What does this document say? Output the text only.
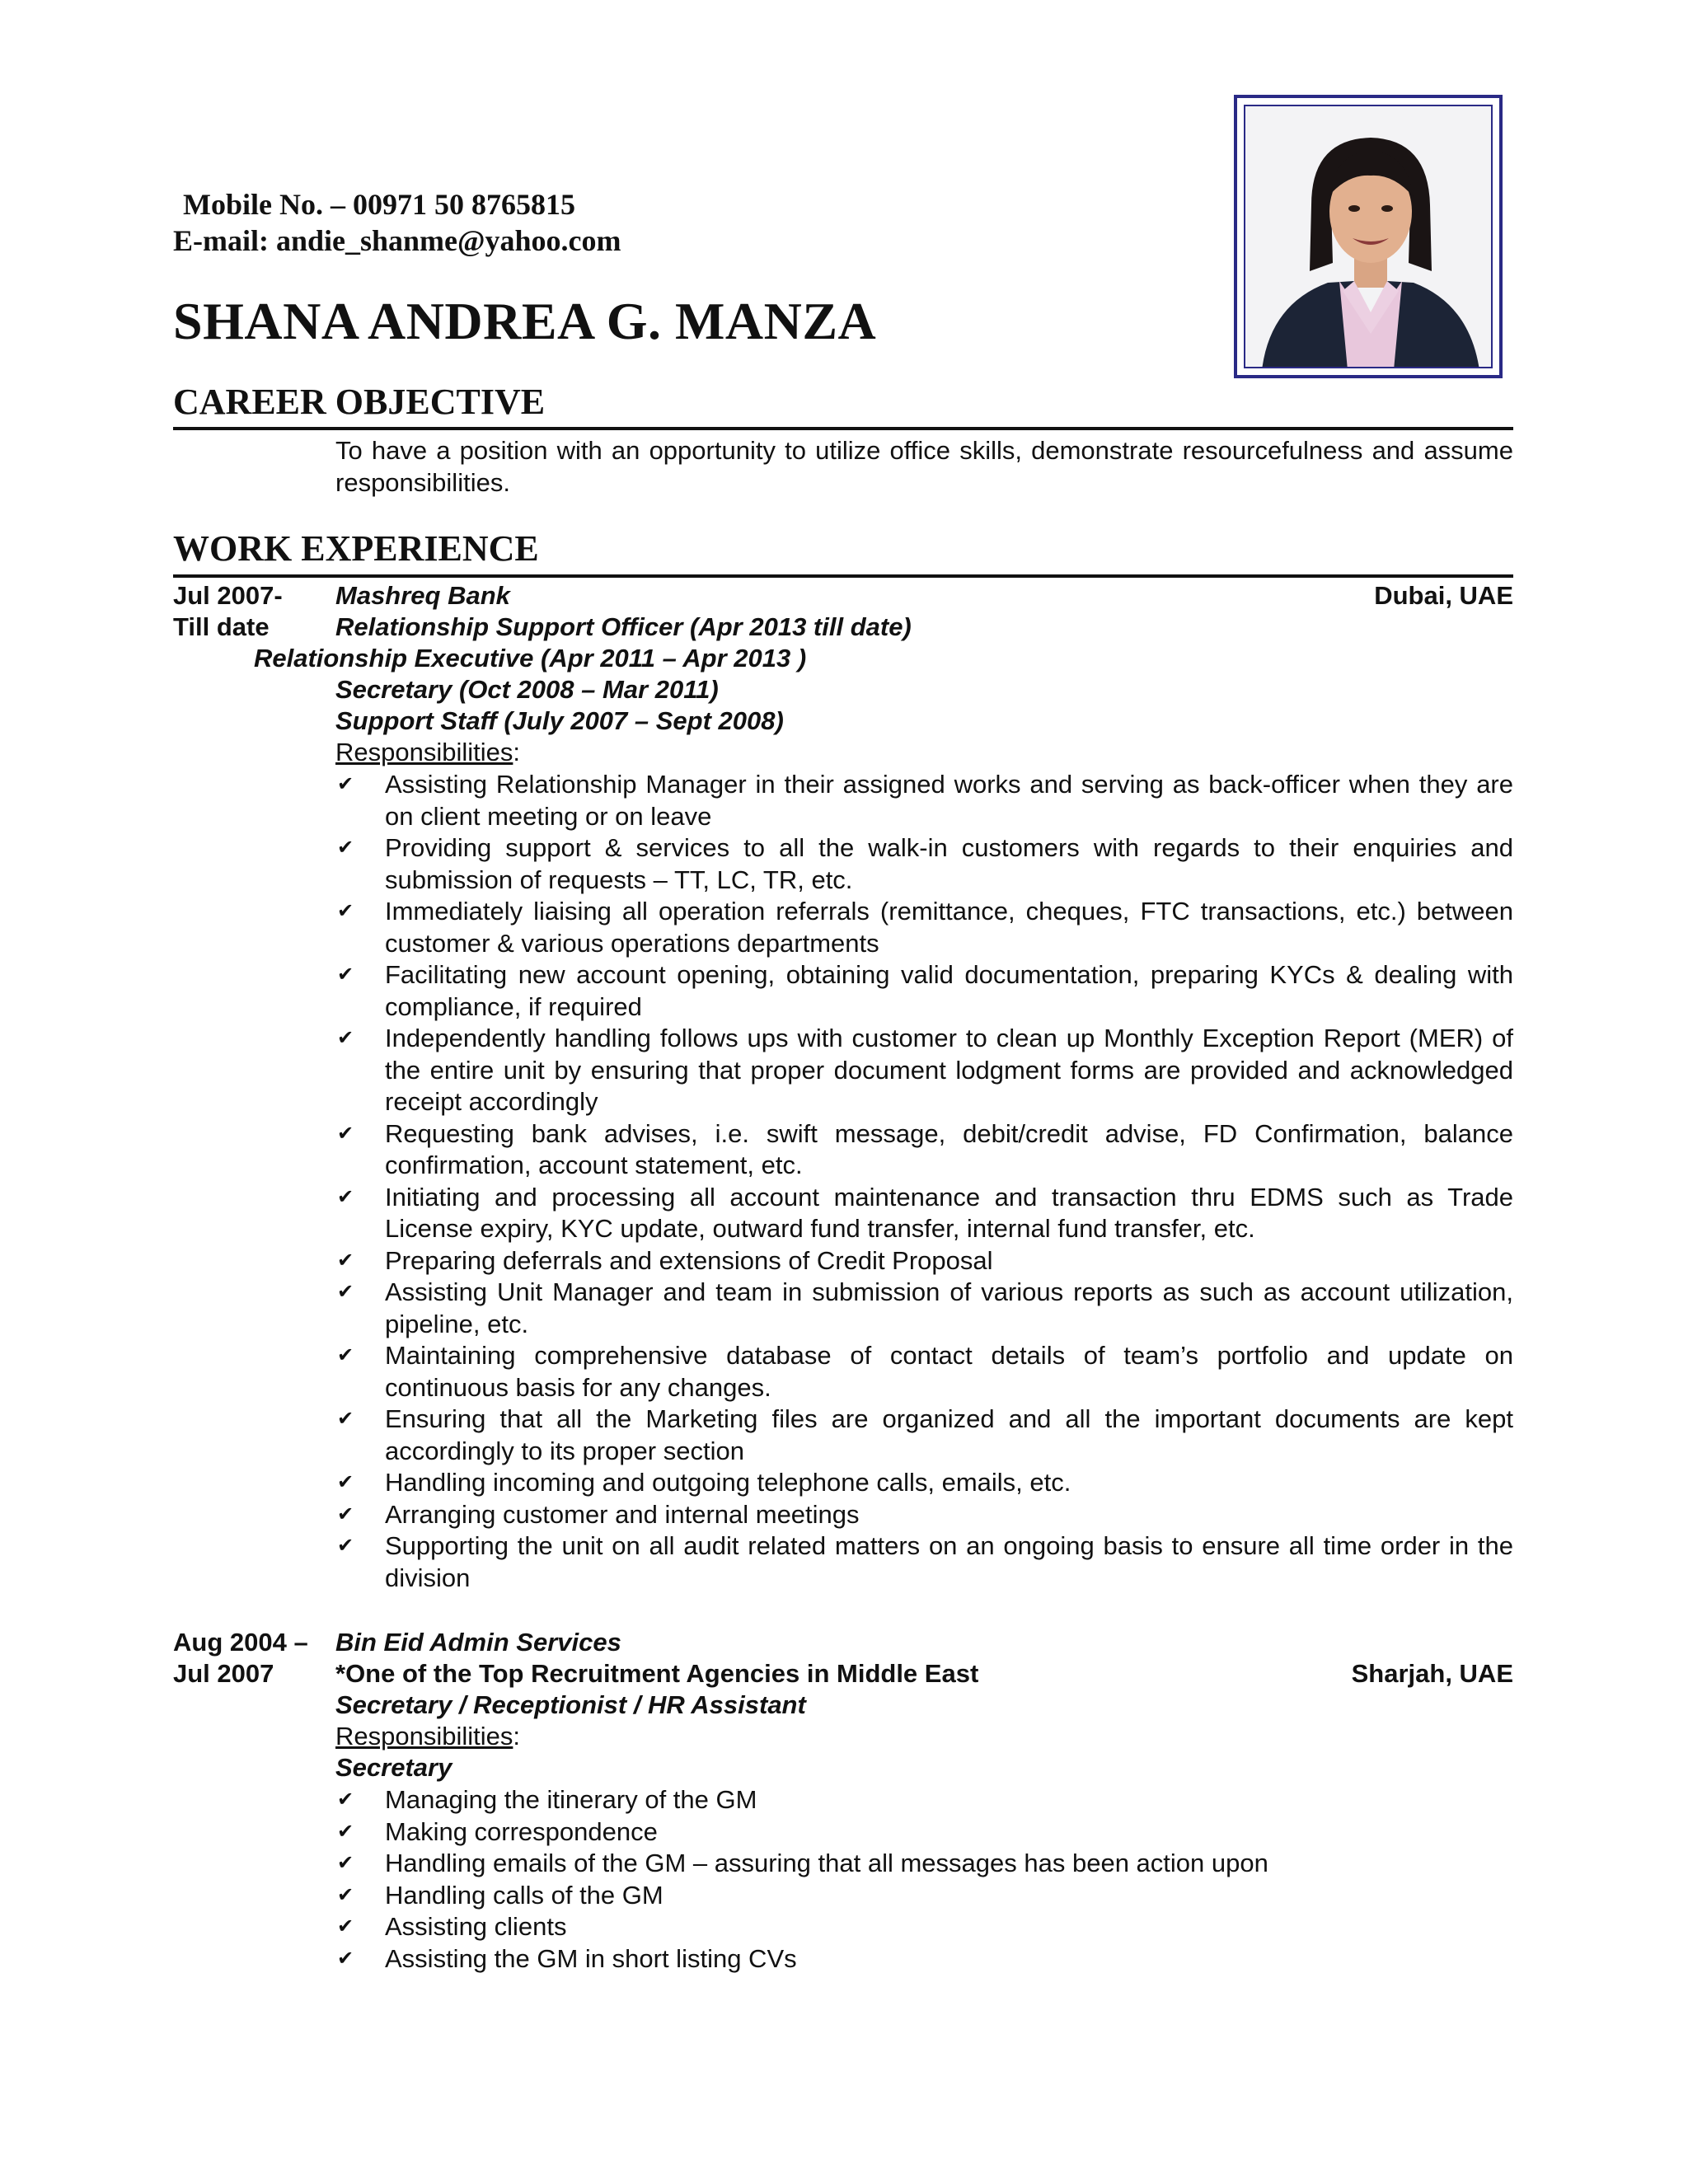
Mobile No. – 00971 50 8765815
E-mail: andie_shanme@yahoo.com
SHANA ANDREA G. MANZA
CAREER OBJECTIVE
To have a position with an opportunity to utilize office skills, demonstrate resourcefulness and assume responsibilities.
WORK EXPERIENCE
Jul 2007-
Till date
Mashreq Bank	Dubai, UAE
Relationship Support Officer (Apr 2013 till date)
Relationship Executive (Apr 2011 – Apr 2013 )
Secretary (Oct 2008 – Mar 2011)
Support Staff (July 2007 – Sept 2008)
Responsibilities:
✔ Assisting Relationship Manager in their assigned works and serving as back-officer when they are on client meeting or on leave
✔ Providing support & services to all the walk-in customers with regards to their enquiries and submission of requests – TT, LC, TR, etc.
✔ Immediately liaising all operation referrals (remittance, cheques, FTC transactions, etc.) between customer & various operations departments
✔ Facilitating new account opening, obtaining valid documentation, preparing KYCs & dealing with compliance, if required
✔ Independently handling follows ups with customer to clean up Monthly Exception Report (MER) of the entire unit by ensuring that proper document lodgment forms are provided and acknowledged receipt accordingly
✔ Requesting bank advises, i.e. swift message, debit/credit advise, FD Confirmation, balance confirmation, account statement, etc.
✔ Initiating and processing all account maintenance and transaction thru EDMS such as Trade License expiry, KYC update, outward fund transfer, internal fund transfer, etc.
✔ Preparing deferrals and extensions of Credit Proposal
✔ Assisting Unit Manager and team in submission of various reports as such as account utilization, pipeline, etc.
✔ Maintaining comprehensive database of contact details of team’s portfolio and update on continuous basis for any changes.
✔ Ensuring that all the Marketing files are organized and all the important documents are kept accordingly to its proper section
✔ Handling incoming and outgoing telephone calls, emails, etc.
✔ Arranging customer and internal meetings
✔ Supporting the unit on all audit related matters on an ongoing basis to ensure all time order in the division
Aug 2004 –
Jul 2007
Bin Eid Admin Services
*One of the Top Recruitment Agencies in Middle East	Sharjah, UAE
Secretary / Receptionist / HR Assistant
Responsibilities:
Secretary
✔ Managing the itinerary of the GM
✔ Making correspondence
✔ Handling emails of the GM – assuring that all messages has been action upon
✔ Handling calls of the GM
✔ Assisting clients
✔ Assisting the GM in short listing CVs
